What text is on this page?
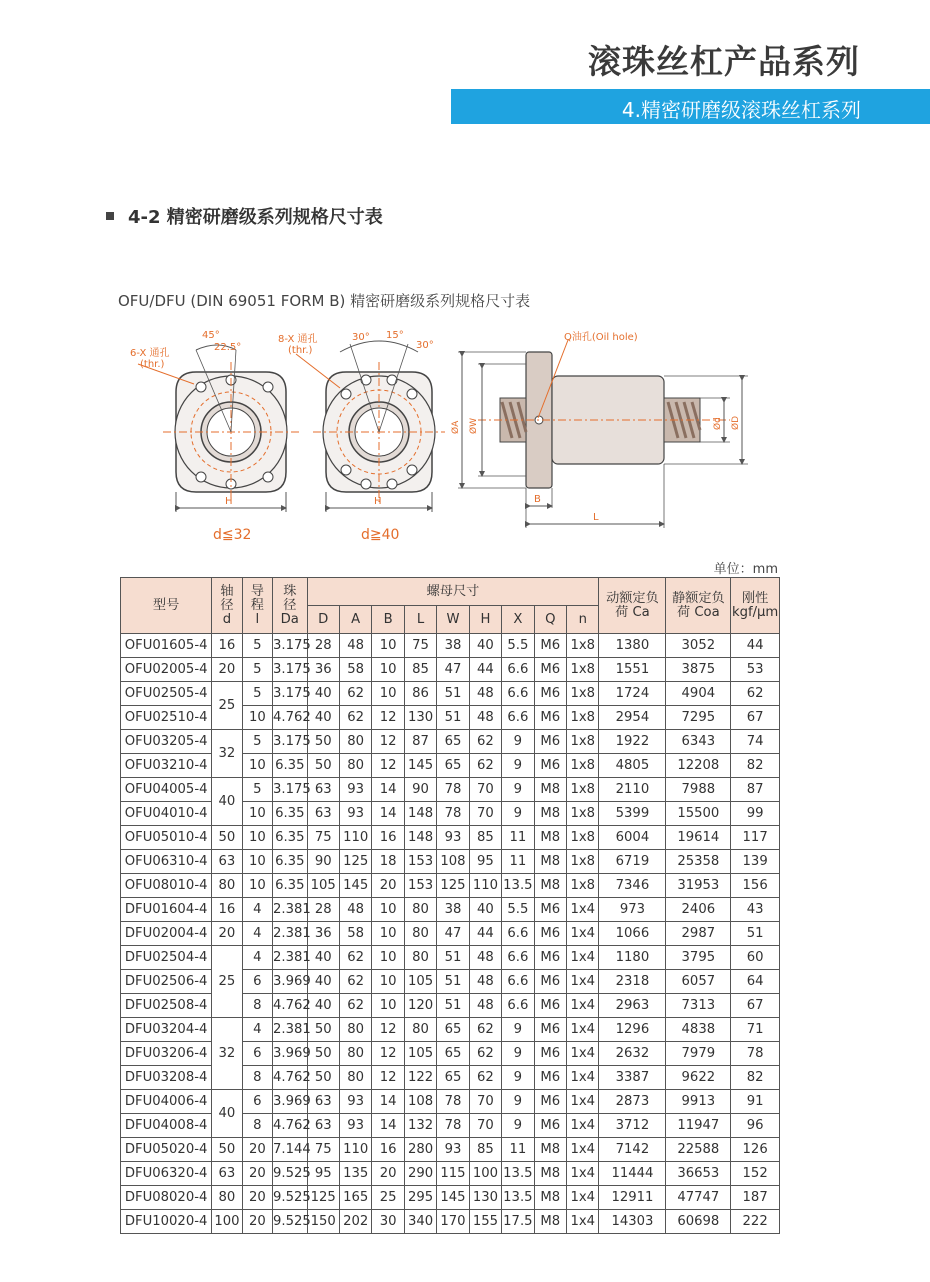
滚珠丝杠产品系列
4.精密研磨级滚珠丝杠系列
4-2 精密研磨级系列规格尺寸表
OFU/DFU (DIN 69051 FORM B) 精密研磨级系列规格尺寸表
45°
22.5°
6-X 通孔
(thr.)
H
d≦32
30° 15°
30°
8-X 通孔
(thr.)
H
d≧40
Q油孔(Oil hole)
ØA ØW	Ød ØD
B
L
单位：mm
型号	轴
径
d	导
程
l	珠
径
Da	螺母尺寸									动额定负
荷 Ca	静额定负
荷 Coa	刚性
kgf/μm
				D	A	B	L	W	H	X	Q	n			
OFU01605-4	16	5	3.175	28	48	10	75	38	40	5.5	M6	1x8	1380	3052	44
OFU02005-4	20	5	3.175	36	58	10	85	47	44	6.6	M6	1x8	1551	3875	53
OFU02505-4	25	5	3.175	40	62	10	86	51	48	6.6	M6	1x8	1724	4904	62
OFU02510-4		10	4.762	40	62	12	130	51	48	6.6	M6	1x8	2954	7295	67
OFU03205-4	32	5	3.175	50	80	12	87	65	62	9	M6	1x8	1922	6343	74
OFU03210-4		10	6.35	50	80	12	145	65	62	9	M6	1x8	4805	12208	82
OFU04005-4	40	5	3.175	63	93	14	90	78	70	9	M8	1x8	2110	7988	87
OFU04010-4		10	6.35	63	93	14	148	78	70	9	M8	1x8	5399	15500	99
OFU05010-4	50	10	6.35	75	110	16	148	93	85	11	M8	1x8	6004	19614	117
OFU06310-4	63	10	6.35	90	125	18	153	108	95	11	M8	1x8	6719	25358	139
OFU08010-4	80	10	6.35	105	145	20	153	125	110	13.5	M8	1x8	7346	31953	156
DFU01604-4	16	4	2.381	28	48	10	80	38	40	5.5	M6	1x4	973	2406	43
DFU02004-4	20	4	2.381	36	58	10	80	47	44	6.6	M6	1x4	1066	2987	51
DFU02504-4	25	4	2.381	40	62	10	80	51	48	6.6	M6	1x4	1180	3795	60
DFU02506-4		6	3.969	40	62	10	105	51	48	6.6	M6	1x4	2318	6057	64
DFU02508-4		8	4.762	40	62	10	120	51	48	6.6	M6	1x4	2963	7313	67
DFU03204-4	32	4	2.381	50	80	12	80	65	62	9	M6	1x4	1296	4838	71
DFU03206-4		6	3.969	50	80	12	105	65	62	9	M6	1x4	2632	7979	78
DFU03208-4		8	4.762	50	80	12	122	65	62	9	M6	1x4	3387	9622	82
DFU04006-4	40	6	3.969	63	93	14	108	78	70	9	M6	1x4	2873	9913	91
DFU04008-4		8	4.762	63	93	14	132	78	70	9	M6	1x4	3712	11947	96
DFU05020-4	50	20	7.144	75	110	16	280	93	85	11	M8	1x4	7142	22588	126
DFU06320-4	63	20	9.525	95	135	20	290	115	100	13.5	M8	1x4	11444	36653	152
DFU08020-4	80	20	9.525	125	165	25	295	145	130	13.5	M8	1x4	12911	47747	187
DFU10020-4	100	20	9.525	150	202	30	340	170	155	17.5	M8	1x4	14303	60698	222
